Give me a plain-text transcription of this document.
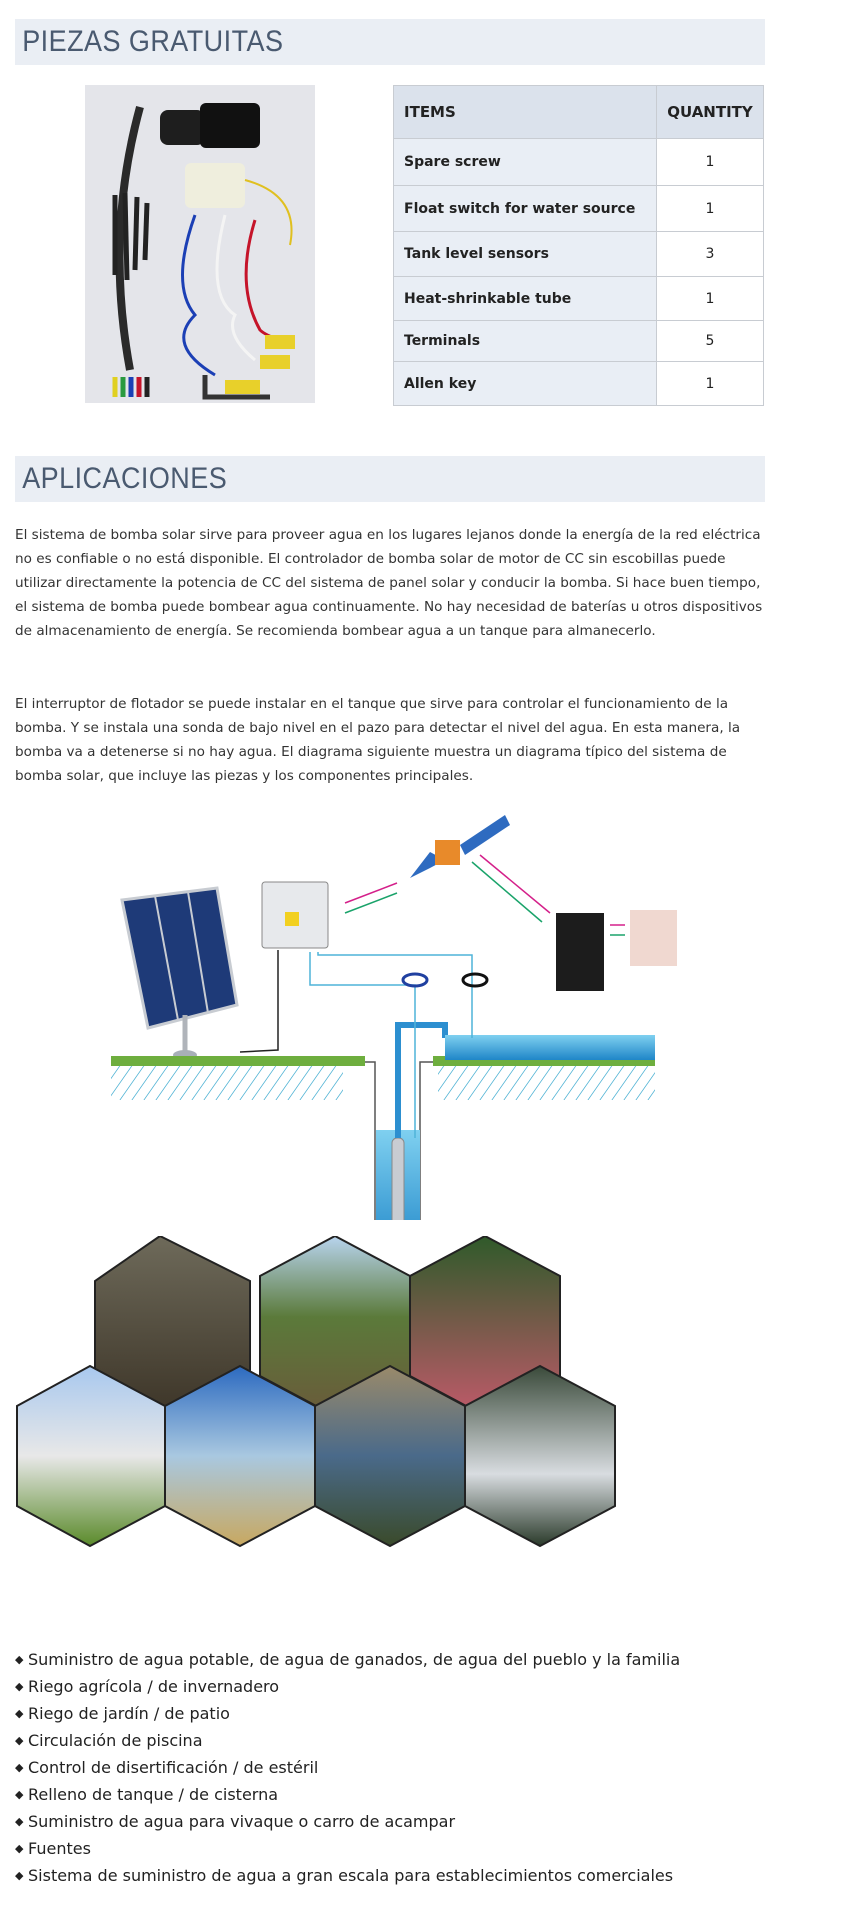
PIEZAS GRATUITAS
ITEMS	QUANTITY
Spare screw	1
Float switch for water source	1
Tank level sensors	3
Heat-shrinkable tube	1
Terminals	5
Allen key	1
APLICACIONES

El sistema de bomba solar sirve para proveer agua en los lugares lejanos donde la energía de la red eléctrica no es confiable o no está disponible. El controlador de bomba solar de motor de CC sin escobillas puede utilizar directamente la potencia de CC del sistema de panel solar y conducir la bomba. Si hace buen tiempo, el sistema de bomba puede bombear agua continuamente. No hay necesidad de baterías u otros dispositivos de almacenamiento de energía. Se recomienda bombear agua a un tanque para almanecerlo.

El interruptor de flotador se puede instalar en el tanque que sirve para controlar el funcionamiento de la bomba. Y se instala una sonda de bajo nivel en el pazo para detectar el nivel del agua. En esta manera, la bomba va a detenerse si no hay agua. El diagrama siguiente muestra un diagrama típico del sistema de bomba solar, que incluye las piezas y los componentes principales.

◆ Suministro de agua potable, de agua de ganados, de agua del pueblo y la familia
◆ Riego agrícola / de invernadero
◆ Riego de jardín / de patio
◆ Circulación de piscina
◆ Control de disertificación / de estéril
◆ Relleno de tanque / de cisterna
◆ Suministro de agua para vivaque o carro de acampar
◆ Fuentes
◆ Sistema de suministro de agua a gran escala para establecimientos comerciales
